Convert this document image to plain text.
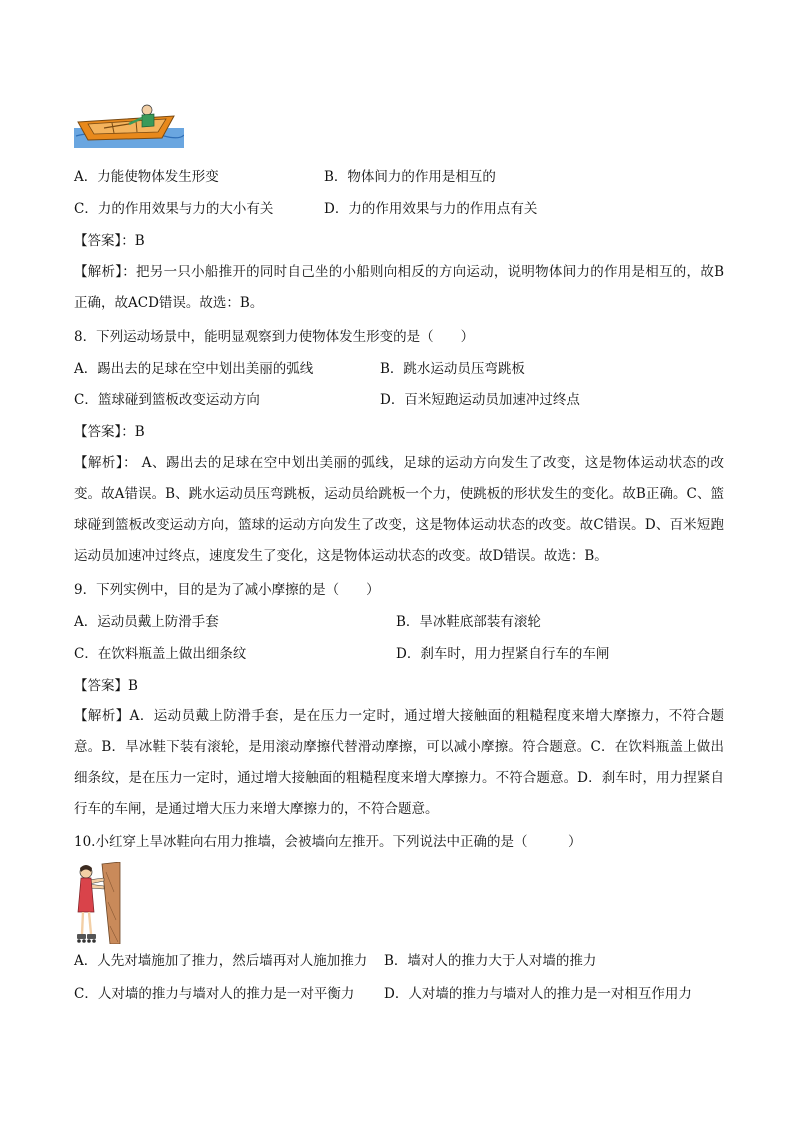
A．力能使物体发生形变	B．物体间力的作用是相互的
C．力的作用效果与力的大小有关	D．力的作用效果与力的作用点有关
【答案】：B
【解析】：把另一只小船推开的同时自己坐的小船则向相反的方向运动，说明物体间力的作用是相互的，故B正确，故ACD错误。故选：B。
8．下列运动场景中，能明显观察到力使物体发生形变的是（　　）
A．踢出去的足球在空中划出美丽的弧线	B．跳水运动员压弯跳板
C．篮球碰到篮板改变运动方向	D．百米短跑运动员加速冲过终点
【答案】：B
【解析】： A、踢出去的足球在空中划出美丽的弧线，足球的运动方向发生了改变，这是物体运动状态的改变。故A错误。B、跳水运动员压弯跳板，运动员给跳板一个力，使跳板的形状发生的变化。故B正确。C、篮球碰到篮板改变运动方向，篮球的运动方向发生了改变，这是物体运动状态的改变。故C错误。D、百米短跑运动员加速冲过终点，速度发生了变化，这是物体运动状态的改变。故D错误。故选：B。
9．下列实例中，目的是为了减小摩擦的是（　　）
A．运动员戴上防滑手套	B．旱冰鞋底部装有滚轮
C．在饮料瓶盖上做出细条纹	D．刹车时，用力捏紧自行车的车闸
【答案】B
【解析】A．运动员戴上防滑手套，是在压力一定时，通过增大接触面的粗糙程度来增大摩擦力，不符合题意。B．旱冰鞋下装有滚轮，是用滚动摩擦代替滑动摩擦，可以减小摩擦。符合题意。C．在饮料瓶盖上做出细条纹，是在压力一定时，通过增大接触面的粗糙程度来增大摩擦力。不符合题意。D．刹车时，用力捏紧自行车的车闸，是通过增大压力来增大摩擦力的，不符合题意。
10.小红穿上旱冰鞋向右用力推墙，会被墙向左推开。下列说法中正确的是（　　　）
A．人先对墙施加了推力，然后墙再对人施加推力 B．墙对人的推力大于人对墙的推力
C．人对墙的推力与墙对人的推力是一对平衡力 D．人对墙的推力与墙对人的推力是一对相互作用力
